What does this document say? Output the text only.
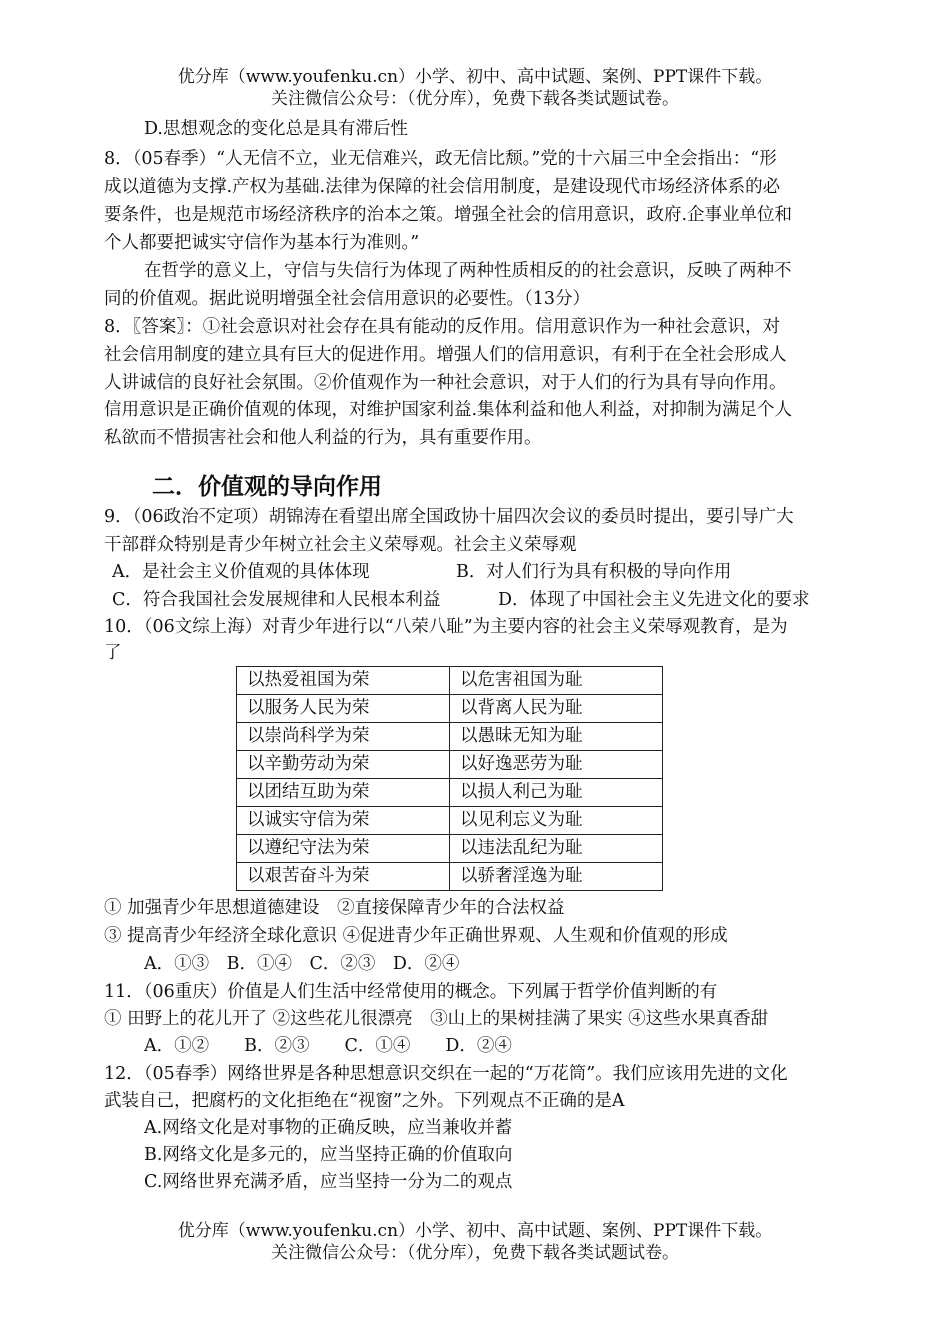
优分库（www.youfenku.cn）小学、初中、高中试题、案例、PPT课件下载。
关注微信公众号：（优分库），免费下载各类试题试卷。
D.思想观念的变化总是具有滞后性
8．（05春季）“人无信不立，业无信难兴，政无信比颓。”党的十六届三中全会指出：“形
成以道德为支撑.产权为基础.法律为保障的社会信用制度，是建设现代市场经济体系的必
要条件，也是规范市场经济秩序的治本之策。增强全社会的信用意识，政府.企事业单位和
个人都要把诚实守信作为基本行为准则。”
在哲学的意义上，守信与失信行为体现了两种性质相反的的社会意识，反映了两种不
同的价值观。据此说明增强全社会信用意识的必要性。（13分）
8．〖答案〗：①社会意识对社会存在具有能动的反作用。信用意识作为一种社会意识，对
社会信用制度的建立具有巨大的促进作用。增强人们的信用意识，有利于在全社会形成人
人讲诚信的良好社会氛围。②价值观作为一种社会意识，对于人们的行为具有导向作用。
信用意识是正确价值观的体现，对维护国家利益.集体利益和他人利益，对抑制为满足个人
私欲而不惜损害社会和他人利益的行为，具有重要作用。
二．价值观的导向作用
9．（06政治不定项）胡锦涛在看望出席全国政协十届四次会议的委员时提出，要引导广大
干部群众特别是青少年树立社会主义荣辱观。社会主义荣辱观
A．是社会主义价值观的具体体现	B．对人们行为具有积极的导向作用
C．符合我国社会发展规律和人民根本利益	D．体现了中国社会主义先进文化的要求
10．（06文综上海）对青少年进行以“八荣八耻”为主要内容的社会主义荣辱观教育，是为
了
以热爱祖国为荣	以危害祖国为耻
以服务人民为荣	以背离人民为耻
以崇尚科学为荣	以愚昧无知为耻
以辛勤劳动为荣	以好逸恶劳为耻
以团结互助为荣	以损人利己为耻
以诚实守信为荣	以见利忘义为耻
以遵纪守法为荣	以违法乱纪为耻
以艰苦奋斗为荣	以骄奢淫逸为耻
① 加强青少年思想道德建设　②直接保障青少年的合法权益
③ 提高青少年经济全球化意识 ④促进青少年正确世界观、人生观和价值观的形成
A．①③　B．①④　C．②③　D．②④
11．（06重庆）价值是人们生活中经常使用的概念。下列属于哲学价值判断的有
① 田野上的花儿开了 ②这些花儿很漂亮　③山上的果树挂满了果实 ④这些水果真香甜
A．①②　　B．②③　　C．①④　　D．②④
12．（05春季）网络世界是各种思想意识交织在一起的“万花筒”。我们应该用先进的文化
武装自己，把腐朽的文化拒绝在“视窗”之外。下列观点不正确的是A
A.网络文化是对事物的正确反映，应当兼收并蓄
B.网络文化是多元的，应当坚持正确的价值取向
C.网络世界充满矛盾，应当坚持一分为二的观点
优分库（www.youfenku.cn）小学、初中、高中试题、案例、PPT课件下载。
关注微信公众号：（优分库），免费下载各类试题试卷。
